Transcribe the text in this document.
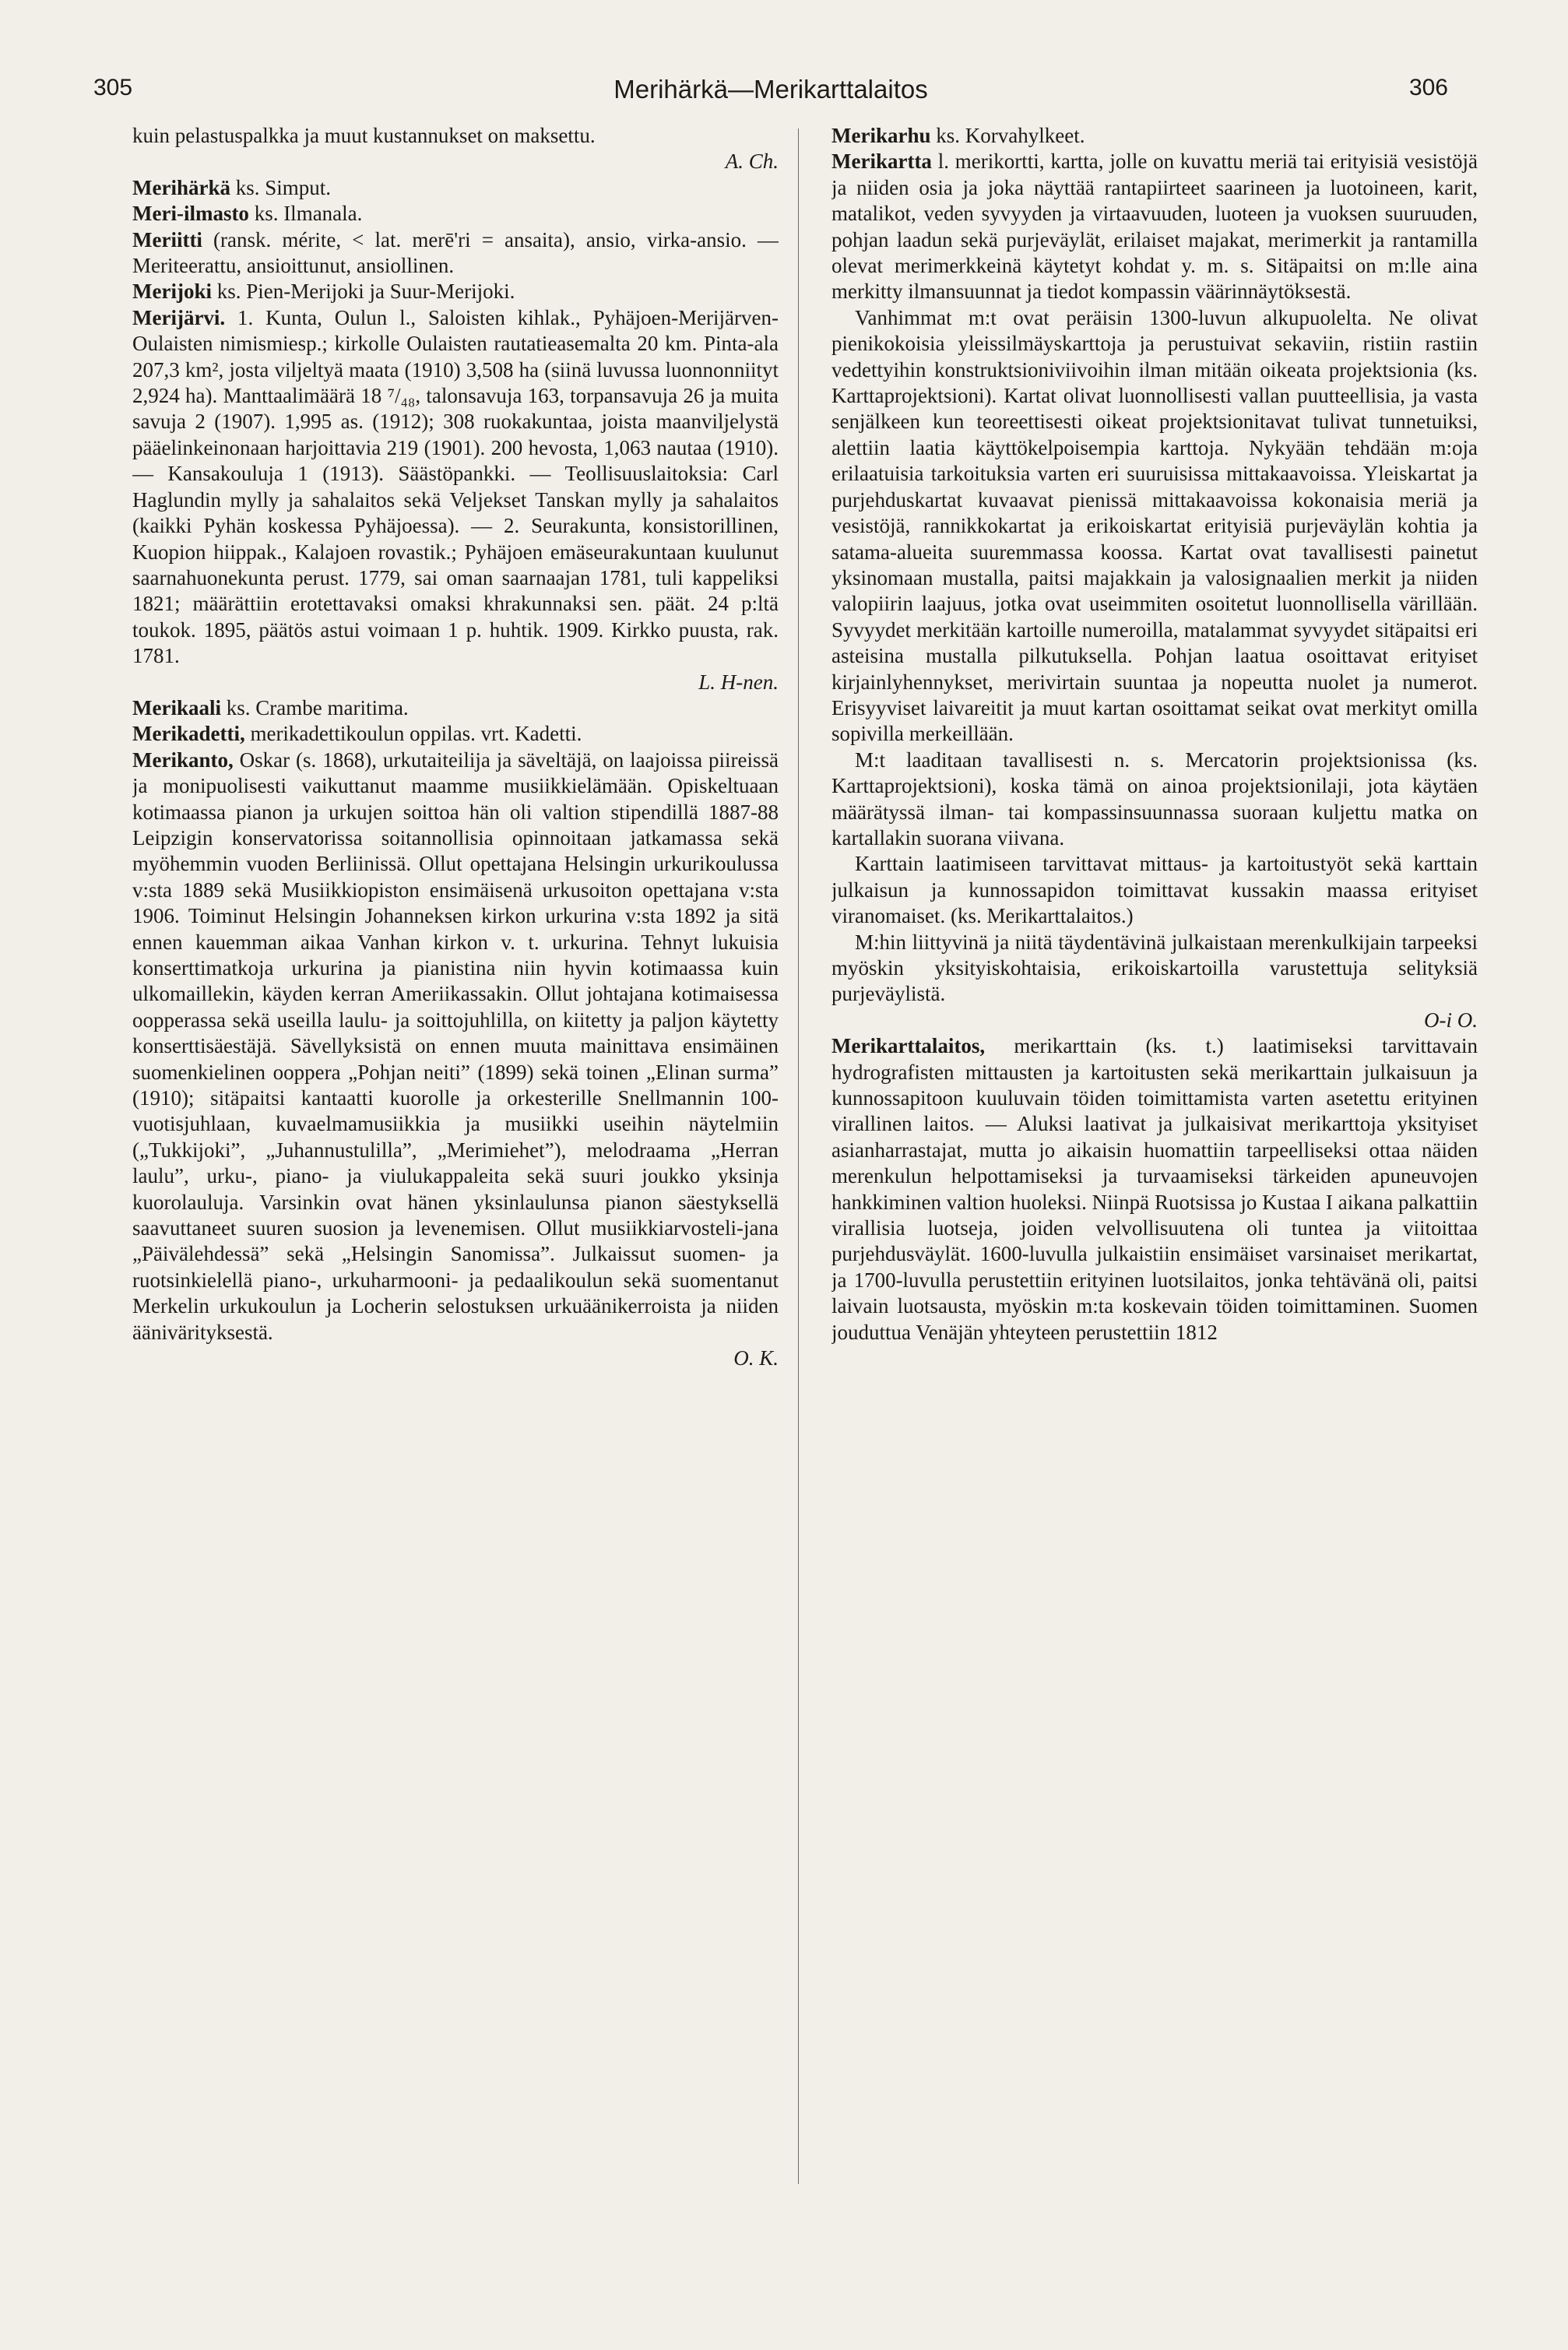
305	Merihärkä—Merikarttalaitos	306

kuin pelastuspalkka ja muut kustannukset on maksettu.

A. Ch.

Merihärkä ks. Simput.

Meri-ilmasto ks. Ilmanala.

Meriitti (ransk. mérite, < lat. merē'ri = ansaita), ansio, virka-ansio. — Meriteerattu, ansioittunut, ansiollinen.

Merijoki ks. Pien-Merijoki ja Suur-Merijoki.

Merijärvi. 1. Kunta, Oulun l., Saloisten kihlak., Pyhäjoen-Merijärven-Oulaisten nimismiesp.; kirkolle Oulaisten rautatieasemalta 20 km. Pinta-ala 207,3 km², josta viljeltyä maata (1910) 3,508 ha (siinä luvussa luonnonniityt 2,924 ha). Manttaalimäärä 18 ⁷/₄₈, talonsavuja 163, torpansavuja 26 ja muita savuja 2 (1907). 1,995 as. (1912); 308 ruokakuntaa, joista maanviljelystä pääelinkeinonaan harjoittavia 219 (1901). 200 hevosta, 1,063 nautaa (1910). — Kansakouluja 1 (1913). Säästöpankki. — Teollisuuslaitoksia: Carl Haglundin mylly ja sahalaitos sekä Veljekset Tanskan mylly ja sahalaitos (kaikki Pyhän koskessa Pyhäjoessa). — 2. Seurakunta, konsistorillinen, Kuopion hiippak., Kalajoen rovastik.; Pyhäjoen emäseurakuntaan kuulunut saarnahuonekunta perust. 1779, sai oman saarnaajan 1781, tuli kappeliksi 1821; määrättiin erotettavaksi omaksi khrakunnaksi sen. päät. 24 p:ltä toukok. 1895, päätös astui voimaan 1 p. huhtik. 1909. Kirkko puusta, rak. 1781.

L. H-nen.

Merikaali ks. Crambe maritima.

Merikadetti, merikadettikoulun oppilas. vrt. Kadetti.

Merikanto, Oskar (s. 1868), urkutaiteilija ja säveltäjä, on laajoissa piireissä ja monipuolisesti vaikuttanut maamme musiikkielämään. Opiskeltuaan kotimaassa pianon ja urkujen soittoa hän oli valtion stipendillä 1887-88 Leipzigin konservatorissa soitannollisia opinnoitaan jatkamassa sekä myöhemmin vuoden Berliinissä. Ollut opettajana Helsingin urkurikoulussa v:sta 1889 sekä Musiikkiopiston ensimäisenä urkusoiton opettajana v:sta 1906. Toiminut Helsingin Johanneksen kirkon urkurina v:sta 1892 ja sitä ennen kauemman aikaa Vanhan kirkon v. t. urkurina. Tehnyt lukuisia konserttimatkoja urkurina ja pianistina niin hyvin kotimaassa kuin ulkomaillekin, käyden kerran Ameriikassakin. Ollut johtajana kotimaisessa oopperassa sekä useilla laulu- ja soittojuhlilla, on kiitetty ja paljon käytetty konserttisäestäjä. Sävellyksistä on ennen muuta mainittava ensimäinen suomenkielinen ooppera „Pohjan neiti” (1899) sekä toinen „Elinan surma” (1910); sitäpaitsi kantaatti kuorolle ja orkesterille Snellmannin 100-vuotisjuhlaan, kuvaelmamusiikkia ja musiikki useihin näytelmiin („Tukkijoki”, „Juhannustulilla”, „Merimiehet”), melodraama „Herran laulu”, urku-, piano- ja viulukappaleita sekä suuri joukko yksinja kuorolauluja. Varsinkin ovat hänen yksinlaulunsa pianon säestyksellä saavuttaneet suuren suosion ja levenemisen. Ollut musiikkiarvosteli-jana „Päivälehdessä” sekä „Helsingin Sanomissa”. Julkaissut suomen- ja ruotsinkielellä piano-, urkuharmooni- ja pedaalikoulun sekä suomentanut Merkelin urkukoulun ja Locherin selostuksen urkuäänikerroista ja niiden äänivärityksestä.

O. K.

Merikarhu ks. Korvahylkeet.

Merikartta l. merikortti, kartta, jolle on kuvattu meriä tai erityisiä vesistöjä ja niiden osia ja joka näyttää rantapiirteet saarineen ja luotoineen, karit, matalikot, veden syvyyden ja virtaavuuden, luoteen ja vuoksen suuruuden, pohjan laadun sekä purjeväylät, erilaiset majakat, merimerkit ja rantamilla olevat merimerkkeinä käytetyt kohdat y. m. s. Sitäpaitsi on m:lle aina merkitty ilmansuunnat ja tiedot kompassin väärinnäytöksestä.

Vanhimmat m:t ovat peräisin 1300-luvun alkupuolelta. Ne olivat pienikokoisia yleissilmäyskarttoja ja perustuivat sekaviin, ristiin rastiin vedettyihin konstruktsioniviivoihin ilman mitään oikeata projektsionia (ks. Karttaprojektsioni). Kartat olivat luonnollisesti vallan puutteellisia, ja vasta senjälkeen kun teoreettisesti oikeat projektsionitavat tulivat tunnetuiksi, alettiin laatia käyttökelpoisempia karttoja. Nykyään tehdään m:oja erilaatuisia tarkoituksia varten eri suuruisissa mittakaavoissa. Yleiskartat ja purjehduskartat kuvaavat pienissä mittakaavoissa kokonaisia meriä ja vesistöjä, rannikkokartat ja erikoiskartat erityisiä purjeväylän kohtia ja satama-alueita suuremmassa koossa. Kartat ovat tavallisesti painetut yksinomaan mustalla, paitsi majakkain ja valosignaalien merkit ja niiden valopiirin laajuus, jotka ovat useimmiten osoitetut luonnollisella värillään. Syvyydet merkitään kartoille numeroilla, matalammat syvyydet sitäpaitsi eri asteisina mustalla pilkutuksella. Pohjan laatua osoittavat erityiset kirjainlyhennykset, merivirtain suuntaa ja nopeutta nuolet ja numerot. Erisyyviset laivareitit ja muut kartan osoittamat seikat ovat merkityt omilla sopivilla merkeillään.

M:t laaditaan tavallisesti n. s. Mercatorin projektsionissa (ks. Karttaprojektsioni), koska tämä on ainoa projektsionilaji, jota käytäen määrätyssä ilman- tai kompassinsuunnassa suoraan kuljettu matka on kartallakin suorana viivana.

Karttain laatimiseen tarvittavat mittaus- ja kartoitustyöt sekä karttain julkaisun ja kunnossapidon toimittavat kussakin maassa erityiset viranomaiset. (ks. Merikarttalaitos.)

M:hin liittyvinä ja niitä täydentävinä julkaistaan merenkulkijain tarpeeksi myöskin yksityiskohtaisia, erikoiskartoilla varustettuja selityksiä purjeväylistä.

O-i O.

Merikarttalaitos, merikarttain (ks. t.) laatimiseksi tarvittavain hydrografisten mittausten ja kartoitusten sekä merikarttain julkaisuun ja kunnossapitoon kuuluvain töiden toimittamista varten asetettu erityinen virallinen laitos. — Aluksi laativat ja julkaisivat merikarttoja yksityiset asianharrastajat, mutta jo aikaisin huomattiin tarpeelliseksi ottaa näiden merenkulun helpottamiseksi ja turvaamiseksi tärkeiden apuneuvojen hankkiminen valtion huoleksi. Niinpä Ruotsissa jo Kustaa I aikana palkattiin virallisia luotseja, joiden velvollisuutena oli tuntea ja viitoittaa purjehdusväylät. 1600-luvulla julkaistiin ensimäiset varsinaiset merikartat, ja 1700-luvulla perustettiin erityinen luotsilaitos, jonka tehtävänä oli, paitsi laivain luotsausta, myöskin m:ta koskevain töiden toimittaminen. Suomen jouduttua Venäjän yhteyteen perustettiin 1812
